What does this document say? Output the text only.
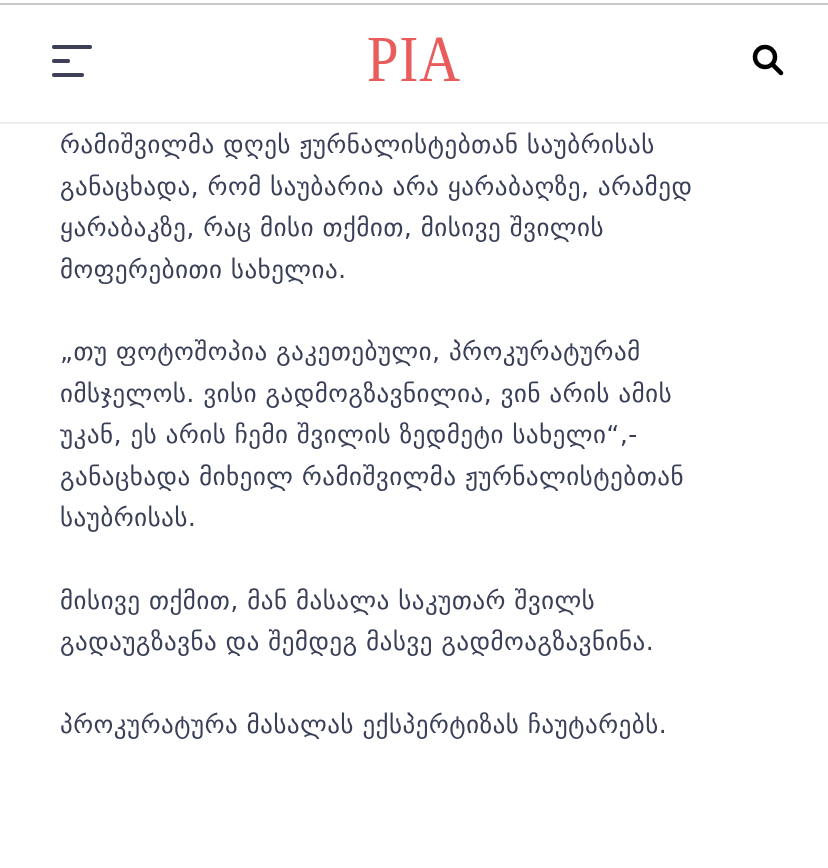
PIA

რამიშვილმა დღეს ჟურნალისტებთან საუბრისას
განაცხადა, რომ საუბარია არა ყარაბაღზე, არამედ
ყარაბაკზე, რაც მისი თქმით, მისივე შვილის
მოფერებითი სახელია.

„თუ ფოტოშოპია გაკეთებული, პროკურატურამ
იმსჯელოს. ვისი გადმოგზავნილია, ვინ არის ამის
უკან, ეს არის ჩემი შვილის ზედმეტი სახელი“,-
განაცხადა მიხეილ რამიშვილმა ჟურნალისტებთან
საუბრისას.

მისივე თქმით, მან მასალა საკუთარ შვილს
გადაუგზავნა და შემდეგ მასვე გადმოაგზავნინა.

პროკურატურა მასალას ექსპერტიზას ჩაუტარებს.
